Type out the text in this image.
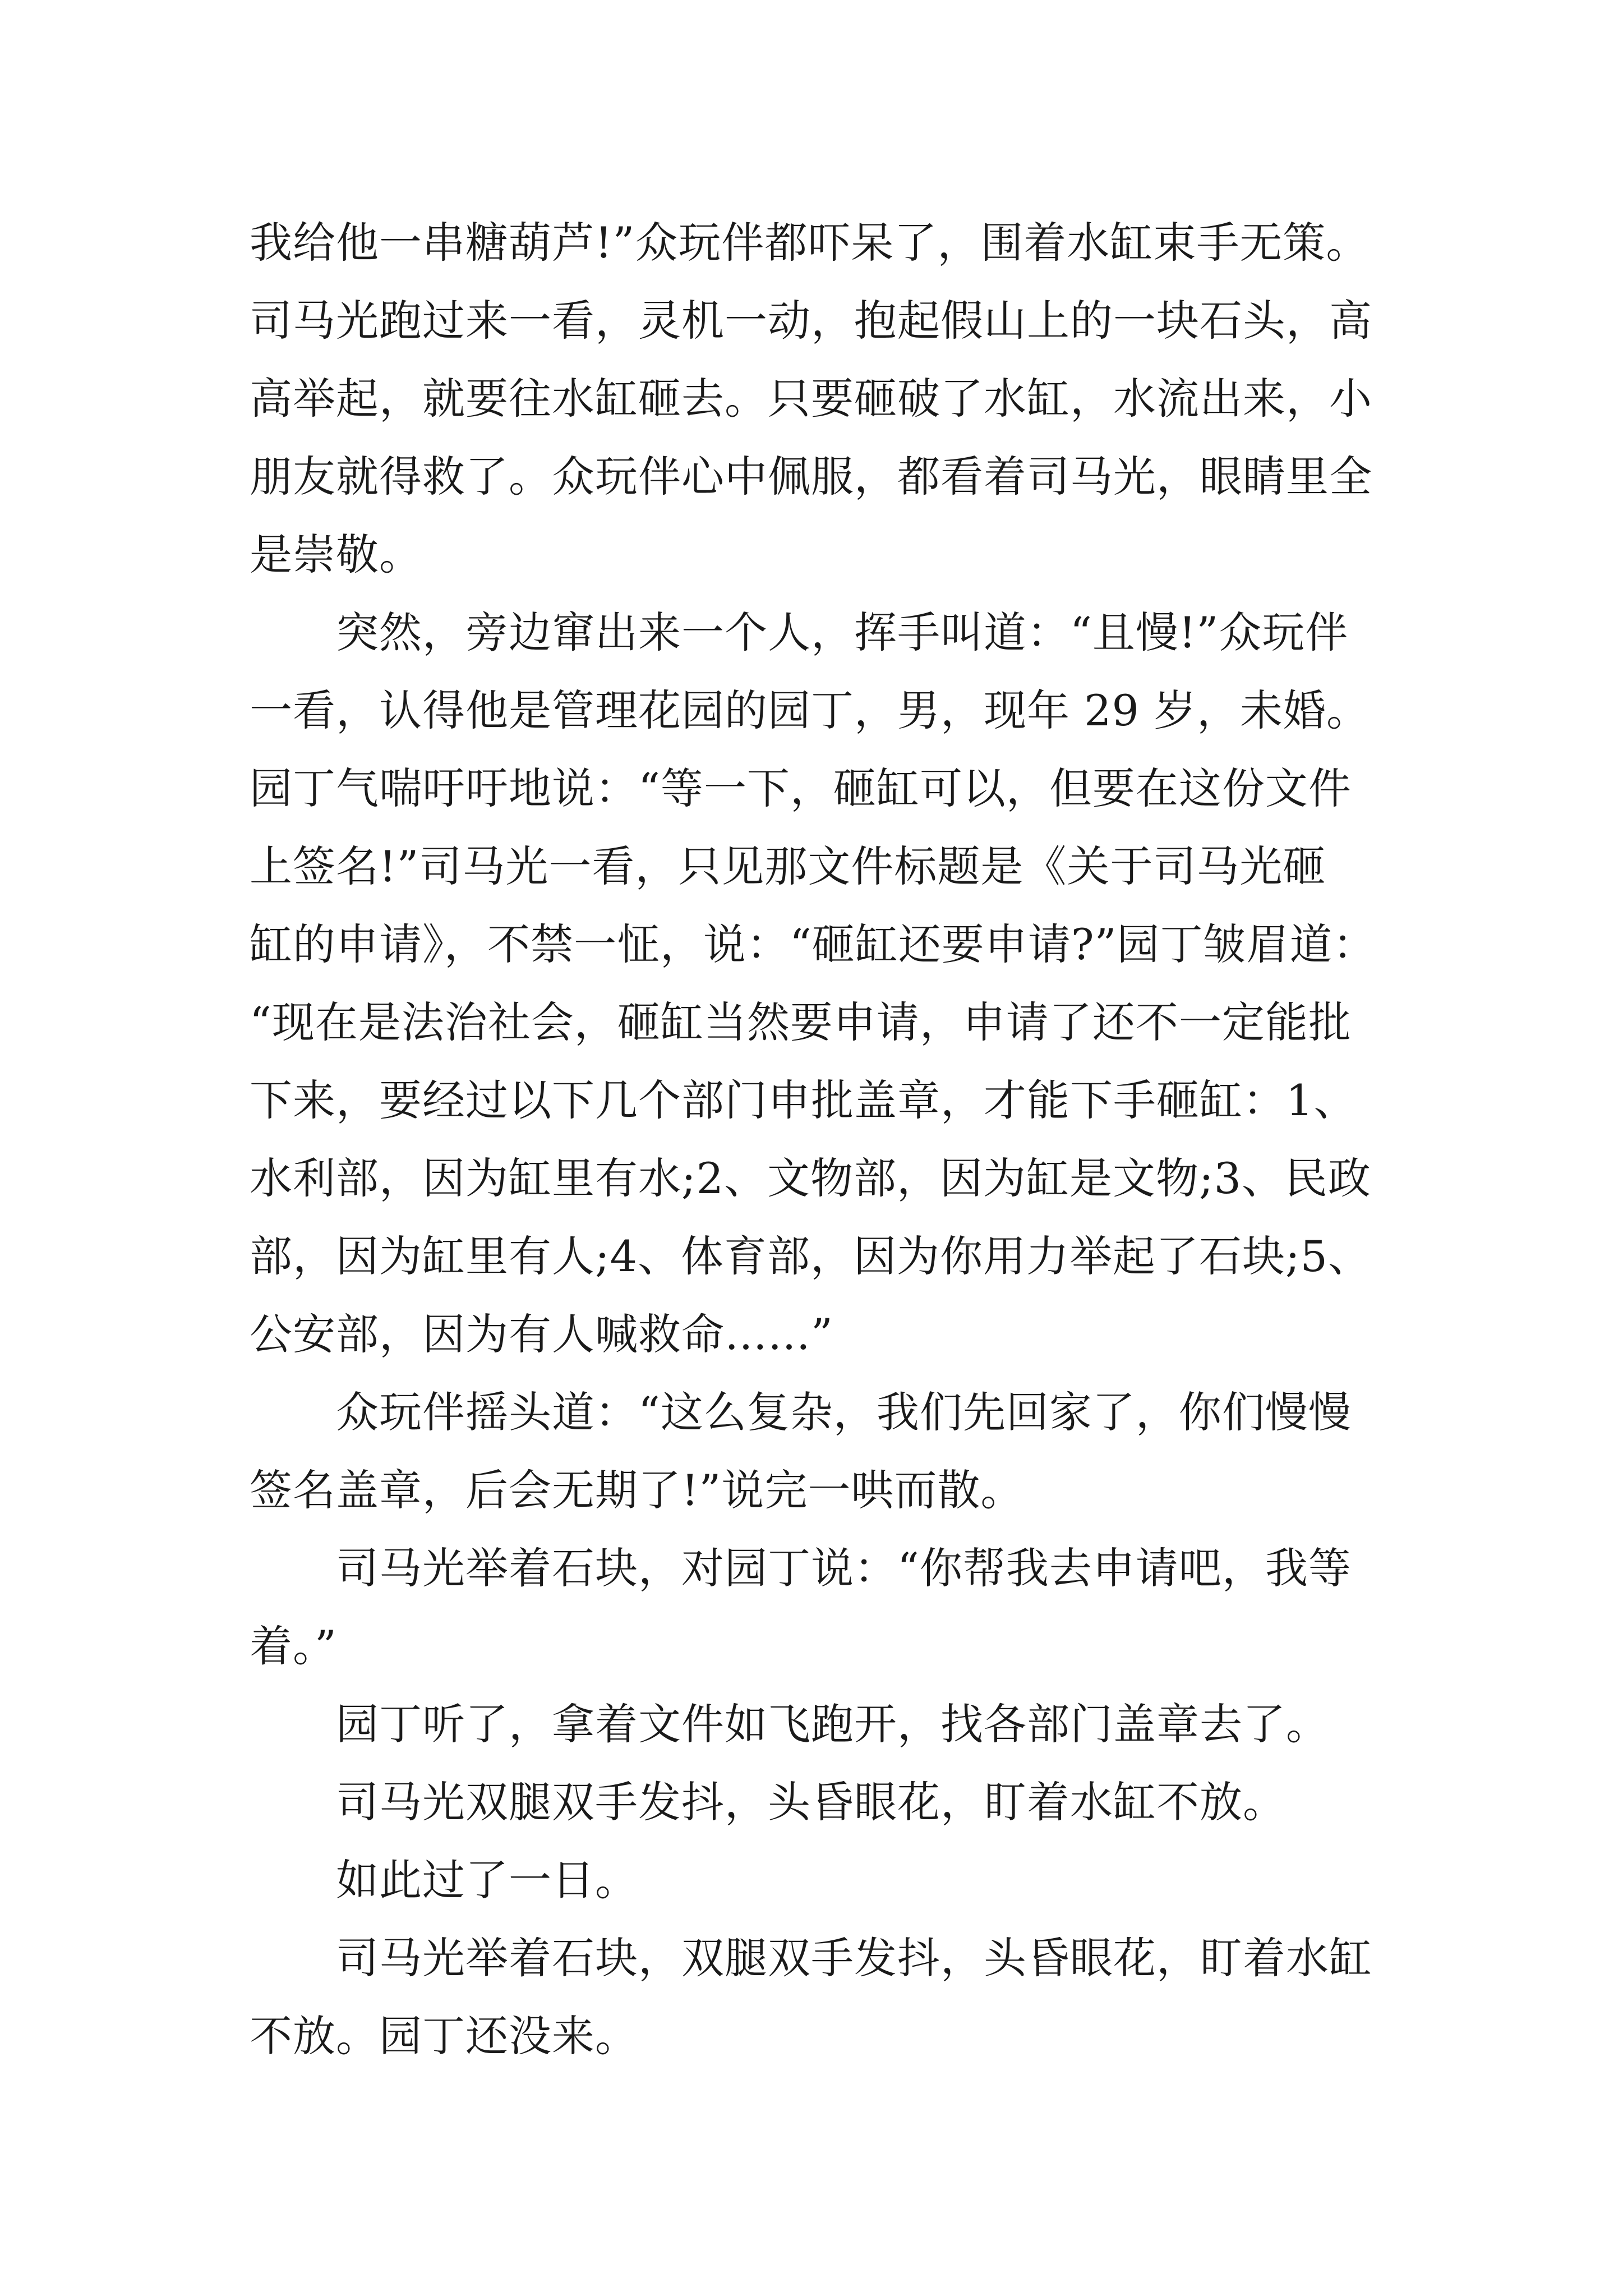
我给他一串糖葫芦!”众玩伴都吓呆了，围着水缸束手无策。
司马光跑过来一看，灵机一动，抱起假山上的一块石头，高
高举起，就要往水缸砸去。只要砸破了水缸，水流出来，小
朋友就得救了。众玩伴心中佩服，都看着司马光，眼睛里全
是崇敬。
　　突然，旁边窜出来一个人，挥手叫道：“且慢!”众玩伴
一看，认得他是管理花园的园丁，男，现年 29 岁，未婚。
园丁气喘吁吁地说：“等一下，砸缸可以，但要在这份文件
上签名!”司马光一看，只见那文件标题是《关于司马光砸
缸的申请》，不禁一怔，说：“砸缸还要申请?”园丁皱眉道：
“现在是法治社会，砸缸当然要申请，申请了还不一定能批
下来，要经过以下几个部门申批盖章，才能下手砸缸：1、
水利部，因为缸里有水;2、文物部，因为缸是文物;3、民政
部，因为缸里有人;4、体育部，因为你用力举起了石块;5、
公安部，因为有人喊救命……”
　　众玩伴摇头道：“这么复杂，我们先回家了，你们慢慢
签名盖章，后会无期了!”说完一哄而散。
　　司马光举着石块，对园丁说：“你帮我去申请吧，我等
着。”
　　园丁听了，拿着文件如飞跑开，找各部门盖章去了。
　　司马光双腿双手发抖，头昏眼花，盯着水缸不放。
　　如此过了一日。
　　司马光举着石块，双腿双手发抖，头昏眼花，盯着水缸
不放。园丁还没来。
